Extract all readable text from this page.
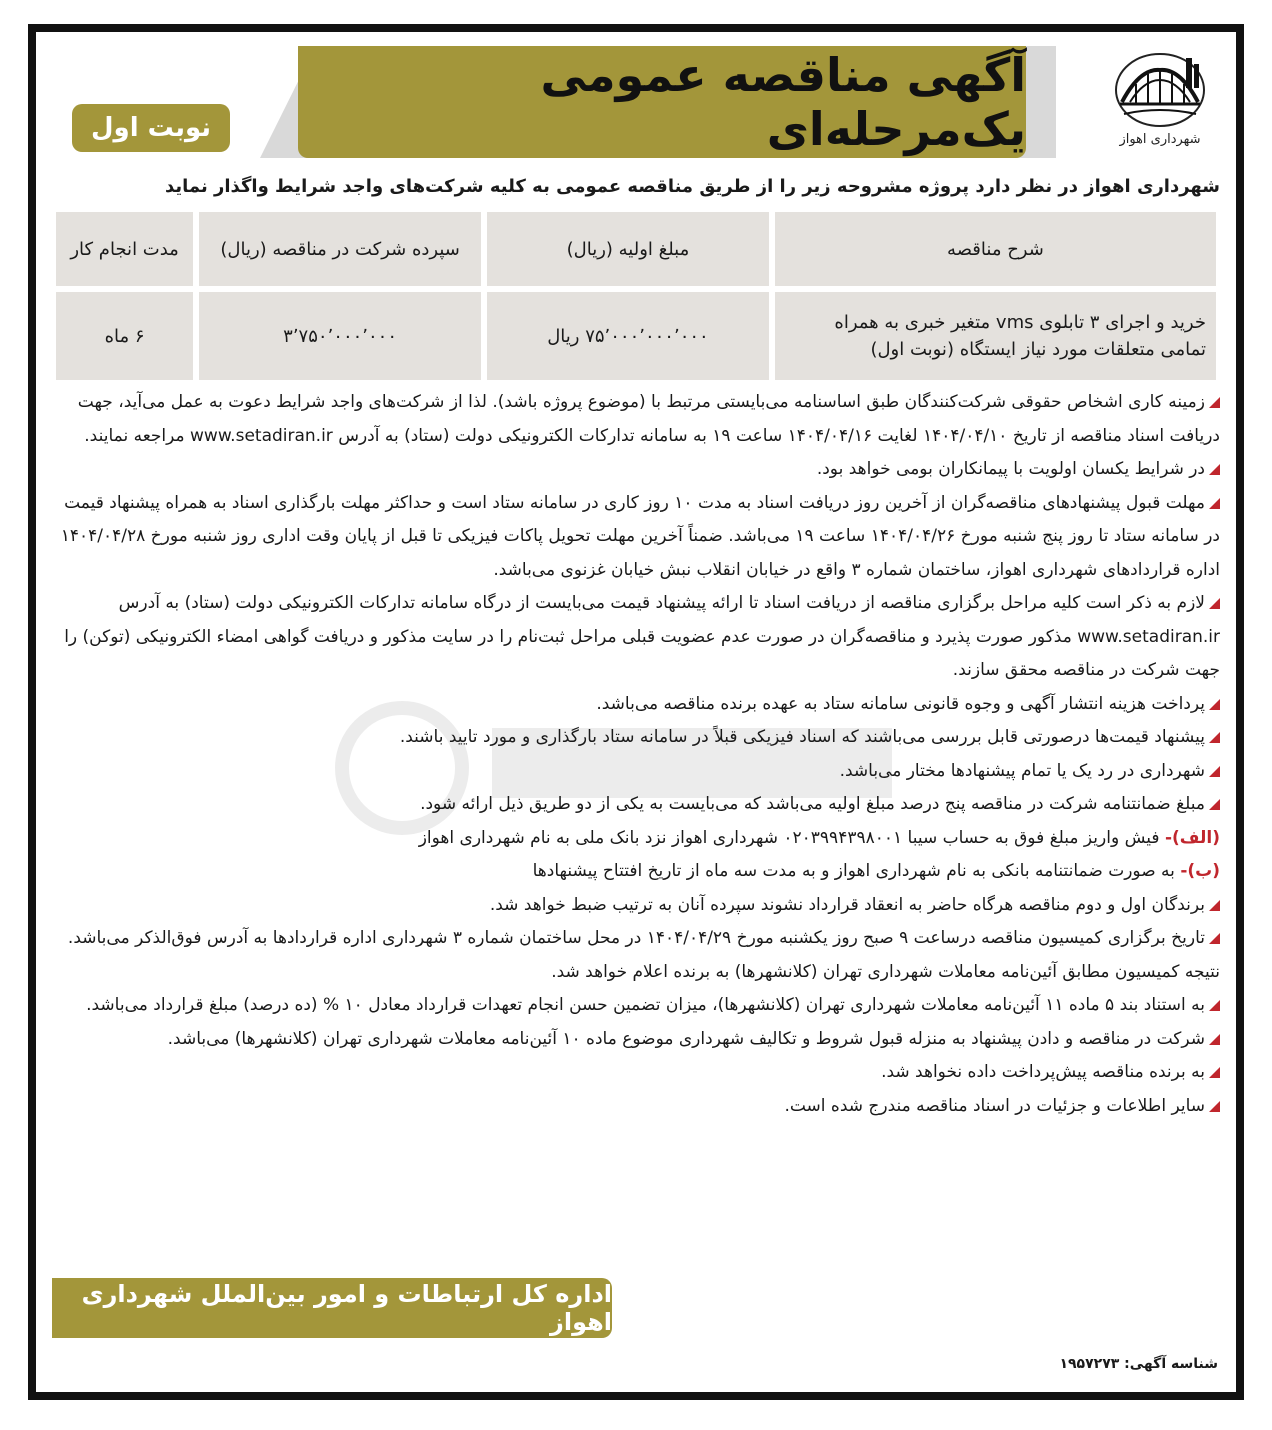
آگهی مناقصه عمومی یک‌مرحله‌ای
نوبت اول	شهرداری اهواز
شهرداری اهواز در نظر دارد پروژه مشروحه زیر را از طریق مناقصه عمومی به کلیه شرکت‌های واجد شرایط واگذار نماید
شرح مناقصه
مبلغ اولیه (ریال)
سپرده شرکت در مناقصه (ریال)
مدت انجام کار
خرید و اجرای ۳ تابلوی vms متغیر خبری به همراه تمامی متعلقات مورد نیاز ایستگاه (نوبت اول)
۷۵٬۰۰۰٬۰۰۰٬۰۰۰ ریال
۳٬۷۵۰٬۰۰۰٬۰۰۰
۶ ماه

زمینه کاری اشخاص حقوقی شرکت‌کنندگان طبق اساسنامه می‌بایستی مرتبط با (موضوع پروژه باشد). لذا از شرکت‌های واجد شرایط دعوت به عمل می‌آید، جهت دریافت اسناد مناقصه از تاریخ ۱۴۰۴/۰۴/۱۰ لغایت ۱۴۰۴/۰۴/۱۶ ساعت ۱۹ به سامانه تدارکات الکترونیکی دولت (ستاد) به آدرس www.setadiran.ir مراجعه نمایند.

در شرایط یکسان اولویت با پیمانکاران بومی خواهد بود.

مهلت قبول پیشنهادهای مناقصه‌گران از آخرین روز دریافت اسناد به مدت ۱۰ روز کاری در سامانه ستاد است و حداکثر مهلت بارگذاری اسناد به همراه پیشنهاد قیمت در سامانه ستاد تا روز پنج شنبه مورخ ۱۴۰۴/۰۴/۲۶ ساعت ۱۹ می‌باشد. ضمناً آخرین مهلت تحویل پاکات فیزیکی تا قبل از پایان وقت اداری روز شنبه مورخ ۱۴۰۴/۰۴/۲۸ اداره قراردادهای شهرداری اهواز، ساختمان شماره ۳ واقع در خیابان انقلاب نبش خیابان غزنوی می‌باشد.

لازم به ذکر است کلیه مراحل برگزاری مناقصه از دریافت اسناد تا ارائه پیشنهاد قیمت می‌بایست از درگاه سامانه تدارکات الکترونیکی دولت (ستاد) به آدرس www.setadiran.ir مذکور صورت پذیرد و مناقصه‌گران در صورت عدم عضویت قبلی مراحل ثبت‌نام را در سایت مذکور و دریافت گواهی امضاء الکترونیکی (توکن) را جهت شرکت در مناقصه محقق سازند.

پرداخت هزینه انتشار آگهی و وجوه قانونی سامانه ستاد به عهده برنده مناقصه می‌باشد.

پیشنهاد قیمت‌ها درصورتی قابل بررسی می‌باشند که اسناد فیزیکی قبلاً در سامانه ستاد بارگذاری و مورد تایید باشند.

شهرداری در رد یک یا تمام پیشنهادها مختار می‌باشد.

مبلغ ضمانتنامه شرکت در مناقصه پنج درصد مبلغ اولیه می‌باشد که می‌بایست به یکی از دو طریق ذیل ارائه شود.

(الف)- فیش واریز مبلغ فوق به حساب سیبا ۰۲۰۳۹۹۴۳۹۸۰۰۱ شهرداری اهواز نزد بانک ملی به نام شهرداری اهواز

(ب)- به صورت ضمانتنامه بانکی به نام شهرداری اهواز و به مدت سه ماه از تاریخ افتتاح پیشنهادها

برندگان اول و دوم مناقصه هرگاه حاضر به انعقاد قرارداد نشوند سپرده آنان به ترتیب ضبط خواهد شد.

تاریخ برگزاری کمیسیون مناقصه درساعت ۹ صبح روز یکشنبه مورخ ۱۴۰۴/۰۴/۲۹ در محل ساختمان شماره ۳ شهرداری اداره قراردادها به آدرس فوق‌الذکر می‌باشد.

نتیجه کمیسیون مطابق آئین‌نامه معاملات شهرداری تهران (کلانشهرها) به برنده اعلام خواهد شد.

به استناد بند ۵ ماده ۱۱ آئین‌نامه معاملات شهرداری تهران (کلانشهرها)، میزان تضمین حسن انجام تعهدات قرارداد معادل ۱۰ % (ده درصد) مبلغ قرارداد می‌باشد.

شرکت در مناقصه و دادن پیشنهاد به منزله قبول شروط و تکالیف شهرداری موضوع ماده ۱۰ آئین‌نامه معاملات شهرداری تهران (کلانشهرها) می‌باشد.

به برنده مناقصه پیش‌پرداخت داده نخواهد شد.

سایر اطلاعات و جزئیات در اسناد مناقصه مندرج شده است.

اداره کل ارتباطات و امور بین‌الملل شهرداری اهواز
شناسه آگهی: ۱۹۵۷۲۷۳
